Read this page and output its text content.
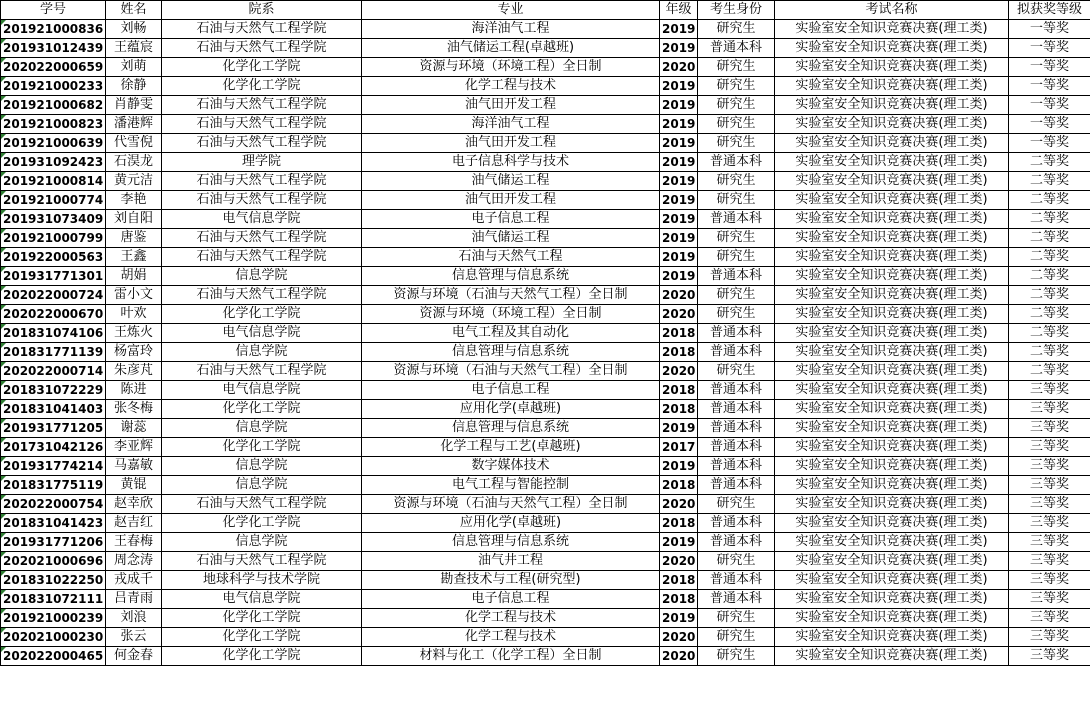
学号	姓名	院系	专业	年级	考生身份	考试名称	拟获奖等级
201921000836	刘畅	石油与天然气工程学院	海洋油气工程	2019	研究生	实验室安全知识竞赛决赛(理工类)	一等奖
201931012439	王蕴宸	石油与天然气工程学院	油气储运工程(卓越班)	2019	普通本科	实验室安全知识竞赛决赛(理工类)	一等奖
202022000659	刘萌	化学化工学院	资源与环境（环境工程）全日制	2020	研究生	实验室安全知识竞赛决赛(理工类)	一等奖
201921000233	徐静	化学化工学院	化学工程与技术	2019	研究生	实验室安全知识竞赛决赛(理工类)	一等奖
201921000682	肖静雯	石油与天然气工程学院	油气田开发工程	2019	研究生	实验室安全知识竞赛决赛(理工类)	一等奖
201921000823	潘港辉	石油与天然气工程学院	海洋油气工程	2019	研究生	实验室安全知识竞赛决赛(理工类)	一等奖
201921000639	代雪倪	石油与天然气工程学院	油气田开发工程	2019	研究生	实验室安全知识竞赛决赛(理工类)	一等奖
201931092423	石淏龙	理学院	电子信息科学与技术	2019	普通本科	实验室安全知识竞赛决赛(理工类)	二等奖
201921000814	黄元洁	石油与天然气工程学院	油气储运工程	2019	研究生	实验室安全知识竞赛决赛(理工类)	二等奖
201921000774	李艳	石油与天然气工程学院	油气田开发工程	2019	研究生	实验室安全知识竞赛决赛(理工类)	二等奖
201931073409	刘自阳	电气信息学院	电子信息工程	2019	普通本科	实验室安全知识竞赛决赛(理工类)	二等奖
201921000799	唐鉴	石油与天然气工程学院	油气储运工程	2019	研究生	实验室安全知识竞赛决赛(理工类)	二等奖
201922000563	王鑫	石油与天然气工程学院	石油与天然气工程	2019	研究生	实验室安全知识竞赛决赛(理工类)	二等奖
201931771301	胡娟	信息学院	信息管理与信息系统	2019	普通本科	实验室安全知识竞赛决赛(理工类)	二等奖
202022000724	雷小文	石油与天然气工程学院	资源与环境（石油与天然气工程）全日制	2020	研究生	实验室安全知识竞赛决赛(理工类)	二等奖
202022000670	叶欢	化学化工学院	资源与环境（环境工程）全日制	2020	研究生	实验室安全知识竞赛决赛(理工类)	二等奖
201831074106	王炼火	电气信息学院	电气工程及其自动化	2018	普通本科	实验室安全知识竞赛决赛(理工类)	二等奖
201831771139	杨富玲	信息学院	信息管理与信息系统	2018	普通本科	实验室安全知识竞赛决赛(理工类)	二等奖
202022000714	朱彦芃	石油与天然气工程学院	资源与环境（石油与天然气工程）全日制	2020	研究生	实验室安全知识竞赛决赛(理工类)	二等奖
201831072229	陈进	电气信息学院	电子信息工程	2018	普通本科	实验室安全知识竞赛决赛(理工类)	三等奖
201831041403	张冬梅	化学化工学院	应用化学(卓越班)	2018	普通本科	实验室安全知识竞赛决赛(理工类)	三等奖
201931771205	谢蕊	信息学院	信息管理与信息系统	2019	普通本科	实验室安全知识竞赛决赛(理工类)	三等奖
201731042126	李亚辉	化学化工学院	化学工程与工艺(卓越班)	2017	普通本科	实验室安全知识竞赛决赛(理工类)	三等奖
201931774214	马嘉敏	信息学院	数字媒体技术	2019	普通本科	实验室安全知识竞赛决赛(理工类)	三等奖
201831775119	黄锟	信息学院	电气工程与智能控制	2018	普通本科	实验室安全知识竞赛决赛(理工类)	三等奖
202022000754	赵幸欣	石油与天然气工程学院	资源与环境（石油与天然气工程）全日制	2020	研究生	实验室安全知识竞赛决赛(理工类)	三等奖
201831041423	赵吉红	化学化工学院	应用化学(卓越班)	2018	普通本科	实验室安全知识竞赛决赛(理工类)	三等奖
201931771206	王春梅	信息学院	信息管理与信息系统	2019	普通本科	实验室安全知识竞赛决赛(理工类)	三等奖
202021000696	周念涛	石油与天然气工程学院	油气井工程	2020	研究生	实验室安全知识竞赛决赛(理工类)	三等奖
201831022250	戎成千	地球科学与技术学院	勘查技术与工程(研究型)	2018	普通本科	实验室安全知识竞赛决赛(理工类)	三等奖
201831072111	吕青雨	电气信息学院	电子信息工程	2018	普通本科	实验室安全知识竞赛决赛(理工类)	三等奖
201921000239	刘浪	化学化工学院	化学工程与技术	2019	研究生	实验室安全知识竞赛决赛(理工类)	三等奖
202021000230	张云	化学化工学院	化学工程与技术	2020	研究生	实验室安全知识竞赛决赛(理工类)	三等奖
202022000465	何金春	化学化工学院	材料与化工（化学工程）全日制	2020	研究生	实验室安全知识竞赛决赛(理工类)	三等奖
